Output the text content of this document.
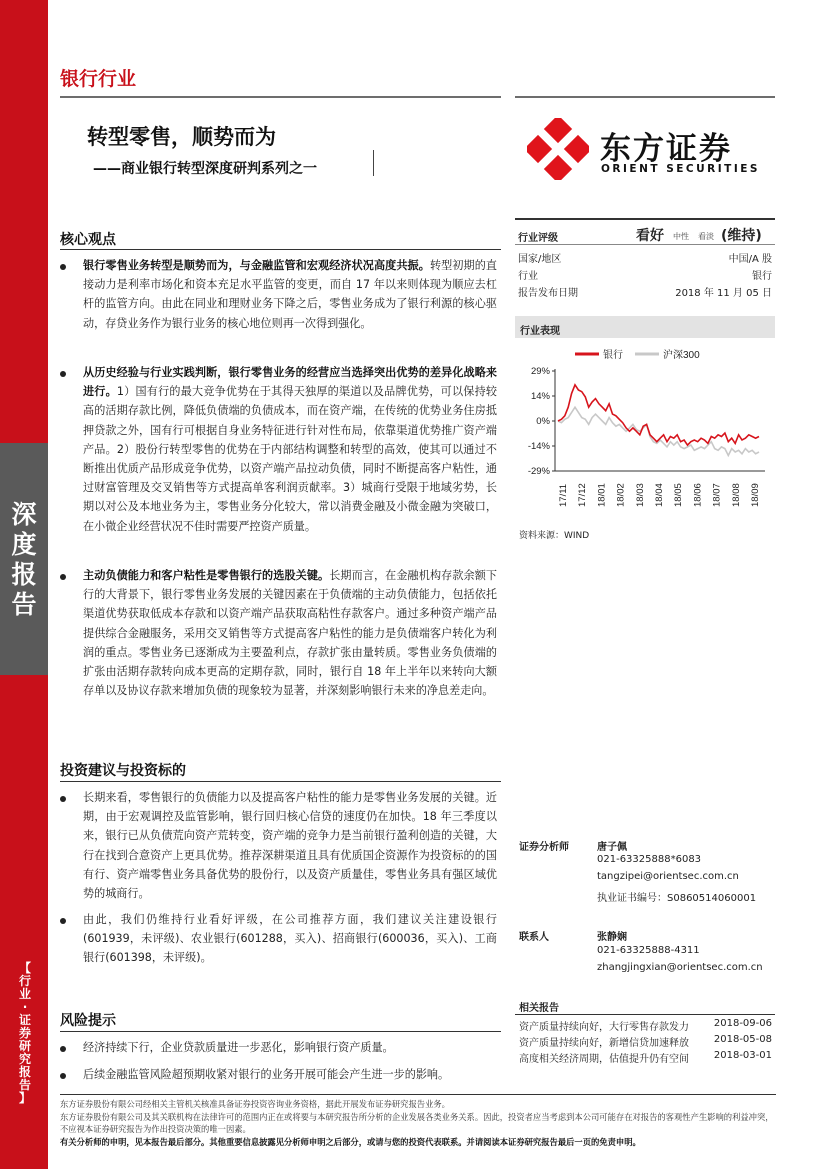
深
度
报
告
【
行
业
·
证
券
研
究
报
告
】
银行行业
转型零售，顺势而为
——商业银行转型深度研判系列之一
东方证券
ORIENT SECURITIES
核心观点
银行零售业务转型是顺势而为，与金融监管和宏观经济状况高度共振。转型初期的直接动力是利率市场化和资本充足水平监管的变更，而自 17 年以来则体现为顺应去杠杆的监管方向。由此在同业和理财业务下降之后，零售业务成为了银行利源的核心驱动，存贷业务作为银行业务的核心地位则再一次得到强化。
从历史经验与行业实践判断，银行零售业务的经营应当选择突出优势的差异化战略来进行。1）国有行的最大竞争优势在于其得天独厚的渠道以及品牌优势，可以保持较高的活期存款比例，降低负债端的负债成本，而在资产端，在传统的优势业务住房抵押贷款之外，国有行可根据自身业务特征进行针对性布局，依靠渠道优势推广资产端产品。2）股份行转型零售的优势在于内部结构调整和转型的高效，使其可以通过不断推出优质产品形成竞争优势，以资产端产品拉动负债，同时不断提高客户粘性，通过财富管理及交叉销售等方式提高单客利润贡献率。3）城商行受限于地域劣势，长期以对公及本地业务为主，零售业务分化较大，常以消费金融及小微金融为突破口，在小微企业经营状况不佳时需要严控资产质量。
主动负债能力和客户粘性是零售银行的选股关键。长期而言，在金融机构存款余额下行的大背景下，银行零售业务发展的关键因素在于负债端的主动负债能力，包括依托渠道优势获取低成本存款和以资产端产品获取高粘性存款客户。通过多种资产端产品提供综合金融服务，采用交叉销售等方式提高客户粘性的能力是负债端客户转化为利润的重点。零售业务已逐渐成为主要盈利点，存款扩张由量转质。零售业务负债端的扩张由活期存款转向成本更高的定期存款，同时，银行自 18 年上半年以来转向大额存单以及协议存款来增加负债的现象较为显著，并深刻影响银行未来的净息差走向。
投资建议与投资标的
长期来看，零售银行的负债能力以及提高客户粘性的能力是零售业务发展的关键。近期，由于宏观调控及监管影响，银行回归核心信贷的速度仍在加快。18 年三季度以来，银行已从负债荒向资产荒转变，资产端的竞争力是当前银行盈利创造的关键，大行在找到合意资产上更具优势。推荐深耕渠道且具有优质国企资源作为投资标的的国有行、资产端零售业务具备优势的股份行，以及资产质量佳，零售业务具有强区域优势的城商行。
由此，我们仍维持行业看好评级，在公司推荐方面，我们建议关注建设银行(601939，未评级)、农业银行(601288，买入)、招商银行(600036，买入)、工商银行(601398，未评级)。
风险提示
经济持续下行，企业贷款质量进一步恶化，影响银行资产质量。
后续金融监管风险超预期收紧对银行的业务开展可能会产生进一步的影响。
行业评级	看好 中性 看淡 (维持)
国家/地区	中国/A 股
行业	银行
报告发布日期	2018 年 11 月 05 日
行业表现
银行	沪深300
29%
14%
0%
-14%
-29%
17/11 17/12 18/01 18/02 18/03 18/04 18/05 18/06 18/07 18/08 18/09
资料来源：WIND
证券分析师	唐子佩
021-63325888*6083
tangzipei@orientsec.com.cn
执业证书编号：S0860514060001
联系人	张静娴
021-63325888-4311
zhangjingxian@orientsec.com.cn
相关报告
资产质量持续向好，大行零售存款发力	2018-09-06
资产质量持续向好，新增信贷加速释放	2018-05-08
高度相关经济周期，估值提升仍有空间	2018-03-01
东方证券股份有限公司经相关主管机关核准具备证券投资咨询业务资格，据此开展发布证券研究报告业务。
东方证券股份有限公司及其关联机构在法律许可的范围内正在或将要与本研究报告所分析的企业发展各类业务关系。因此，投资者应当考虑到本公司可能存在对报告的客观性产生影响的利益冲突，不应视本证券研究报告为作出投资决策的唯一因素。
有关分析师的申明，见本报告最后部分。其他重要信息披露见分析师申明之后部分，或请与您的投资代表联系。并请阅读本证券研究报告最后一页的免责申明。
